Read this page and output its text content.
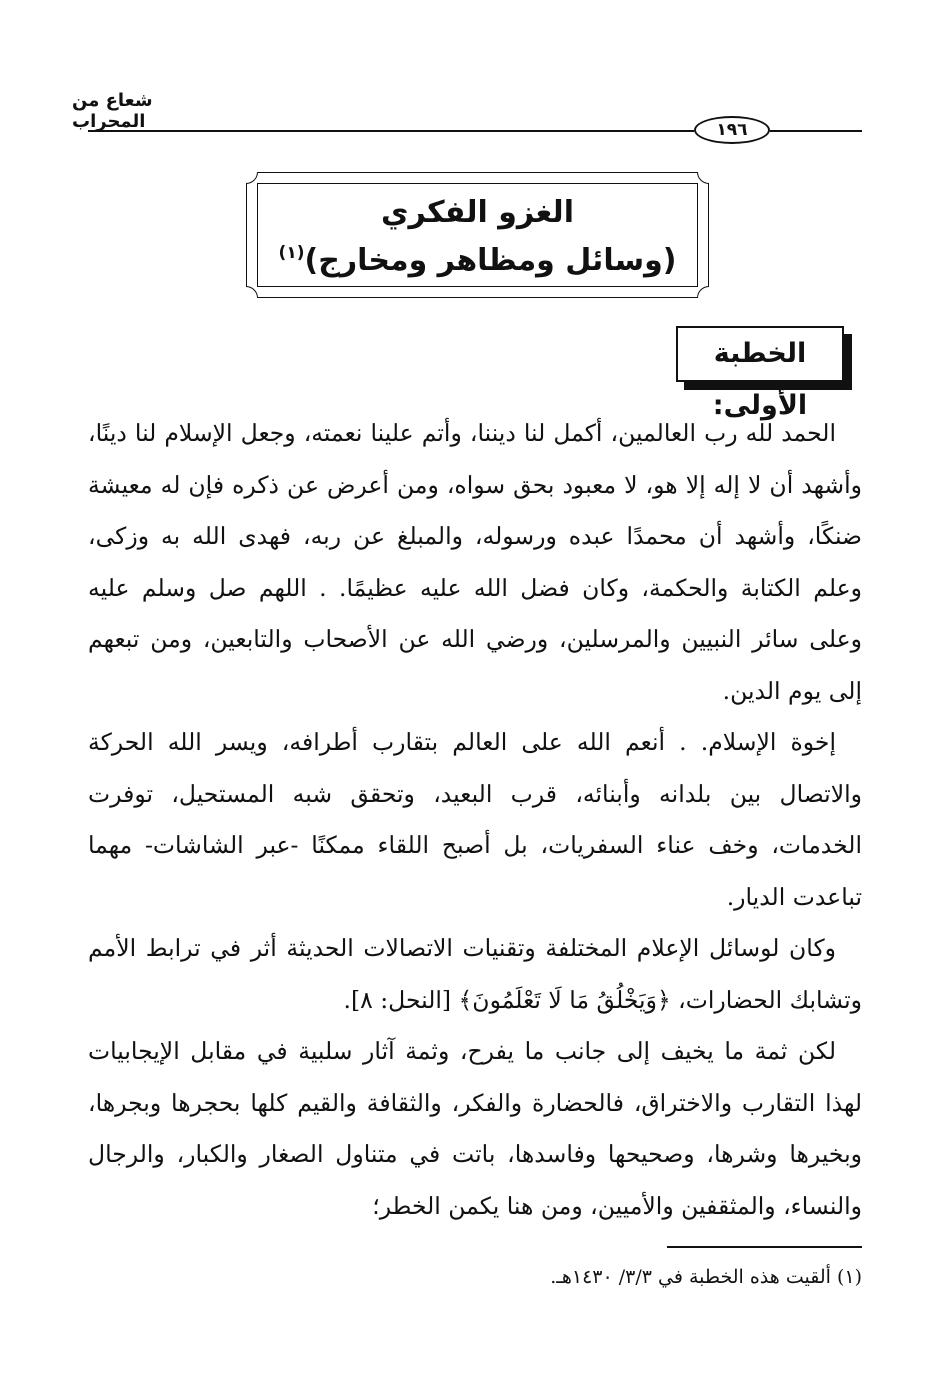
شعاع من المحراب	١٩٦
الغزو الفكري
(وسائل ومظاهر ومخارج)$^{(١)}$
الخطبة الأولى:

الحمد لله رب العالمين، أكمل لنا ديننا، وأتم علينا نعمته، وجعل الإسلام لنا دينًا، وأشهد أن لا إله إلا هو، لا معبود بحق سواه، ومن أعرض عن ذكره فإن له معيشة ضنكًا، وأشهد أن محمدًا عبده ورسوله، والمبلغ عن ربه، فهدى الله به وزكى، وعلم الكتابة والحكمة، وكان فضل الله عليه عظيمًا. . اللهم صل وسلم عليه وعلى سائر النبيين والمرسلين، ورضي الله عن الأصحاب والتابعين، ومن تبعهم إلى يوم الدين.

إخوة الإسلام. . أنعم الله على العالم بتقارب أطرافه، ويسر الله الحركة والاتصال بين بلدانه وأبنائه، قرب البعيد، وتحقق شبه المستحيل، توفرت الخدمات، وخف عناء السفريات، بل أصبح اللقاء ممكنًا -عبر الشاشات- مهما تباعدت الديار.

وكان لوسائل الإعلام المختلفة وتقنيات الاتصالات الحديثة أثر في ترابط الأمم وتشابك الحضارات، ﴿وَيَخْلُقُ مَا لَا تَعْلَمُونَ﴾ [النحل: ٨].

لكن ثمة ما يخيف إلى جانب ما يفرح، وثمة آثار سلبية في مقابل الإيجابيات لهذا التقارب والاختراق، فالحضارة والفكر، والثقافة والقيم كلها بحجرها وبجرها، وبخيرها وشرها، وصحيحها وفاسدها، باتت في متناول الصغار والكبار، والرجال والنساء، والمثقفين والأميين، ومن هنا يكمن الخطر؛

(١) ألقيت هذه الخطبة في ٣/٣/ ١٤٣٠هـ.
